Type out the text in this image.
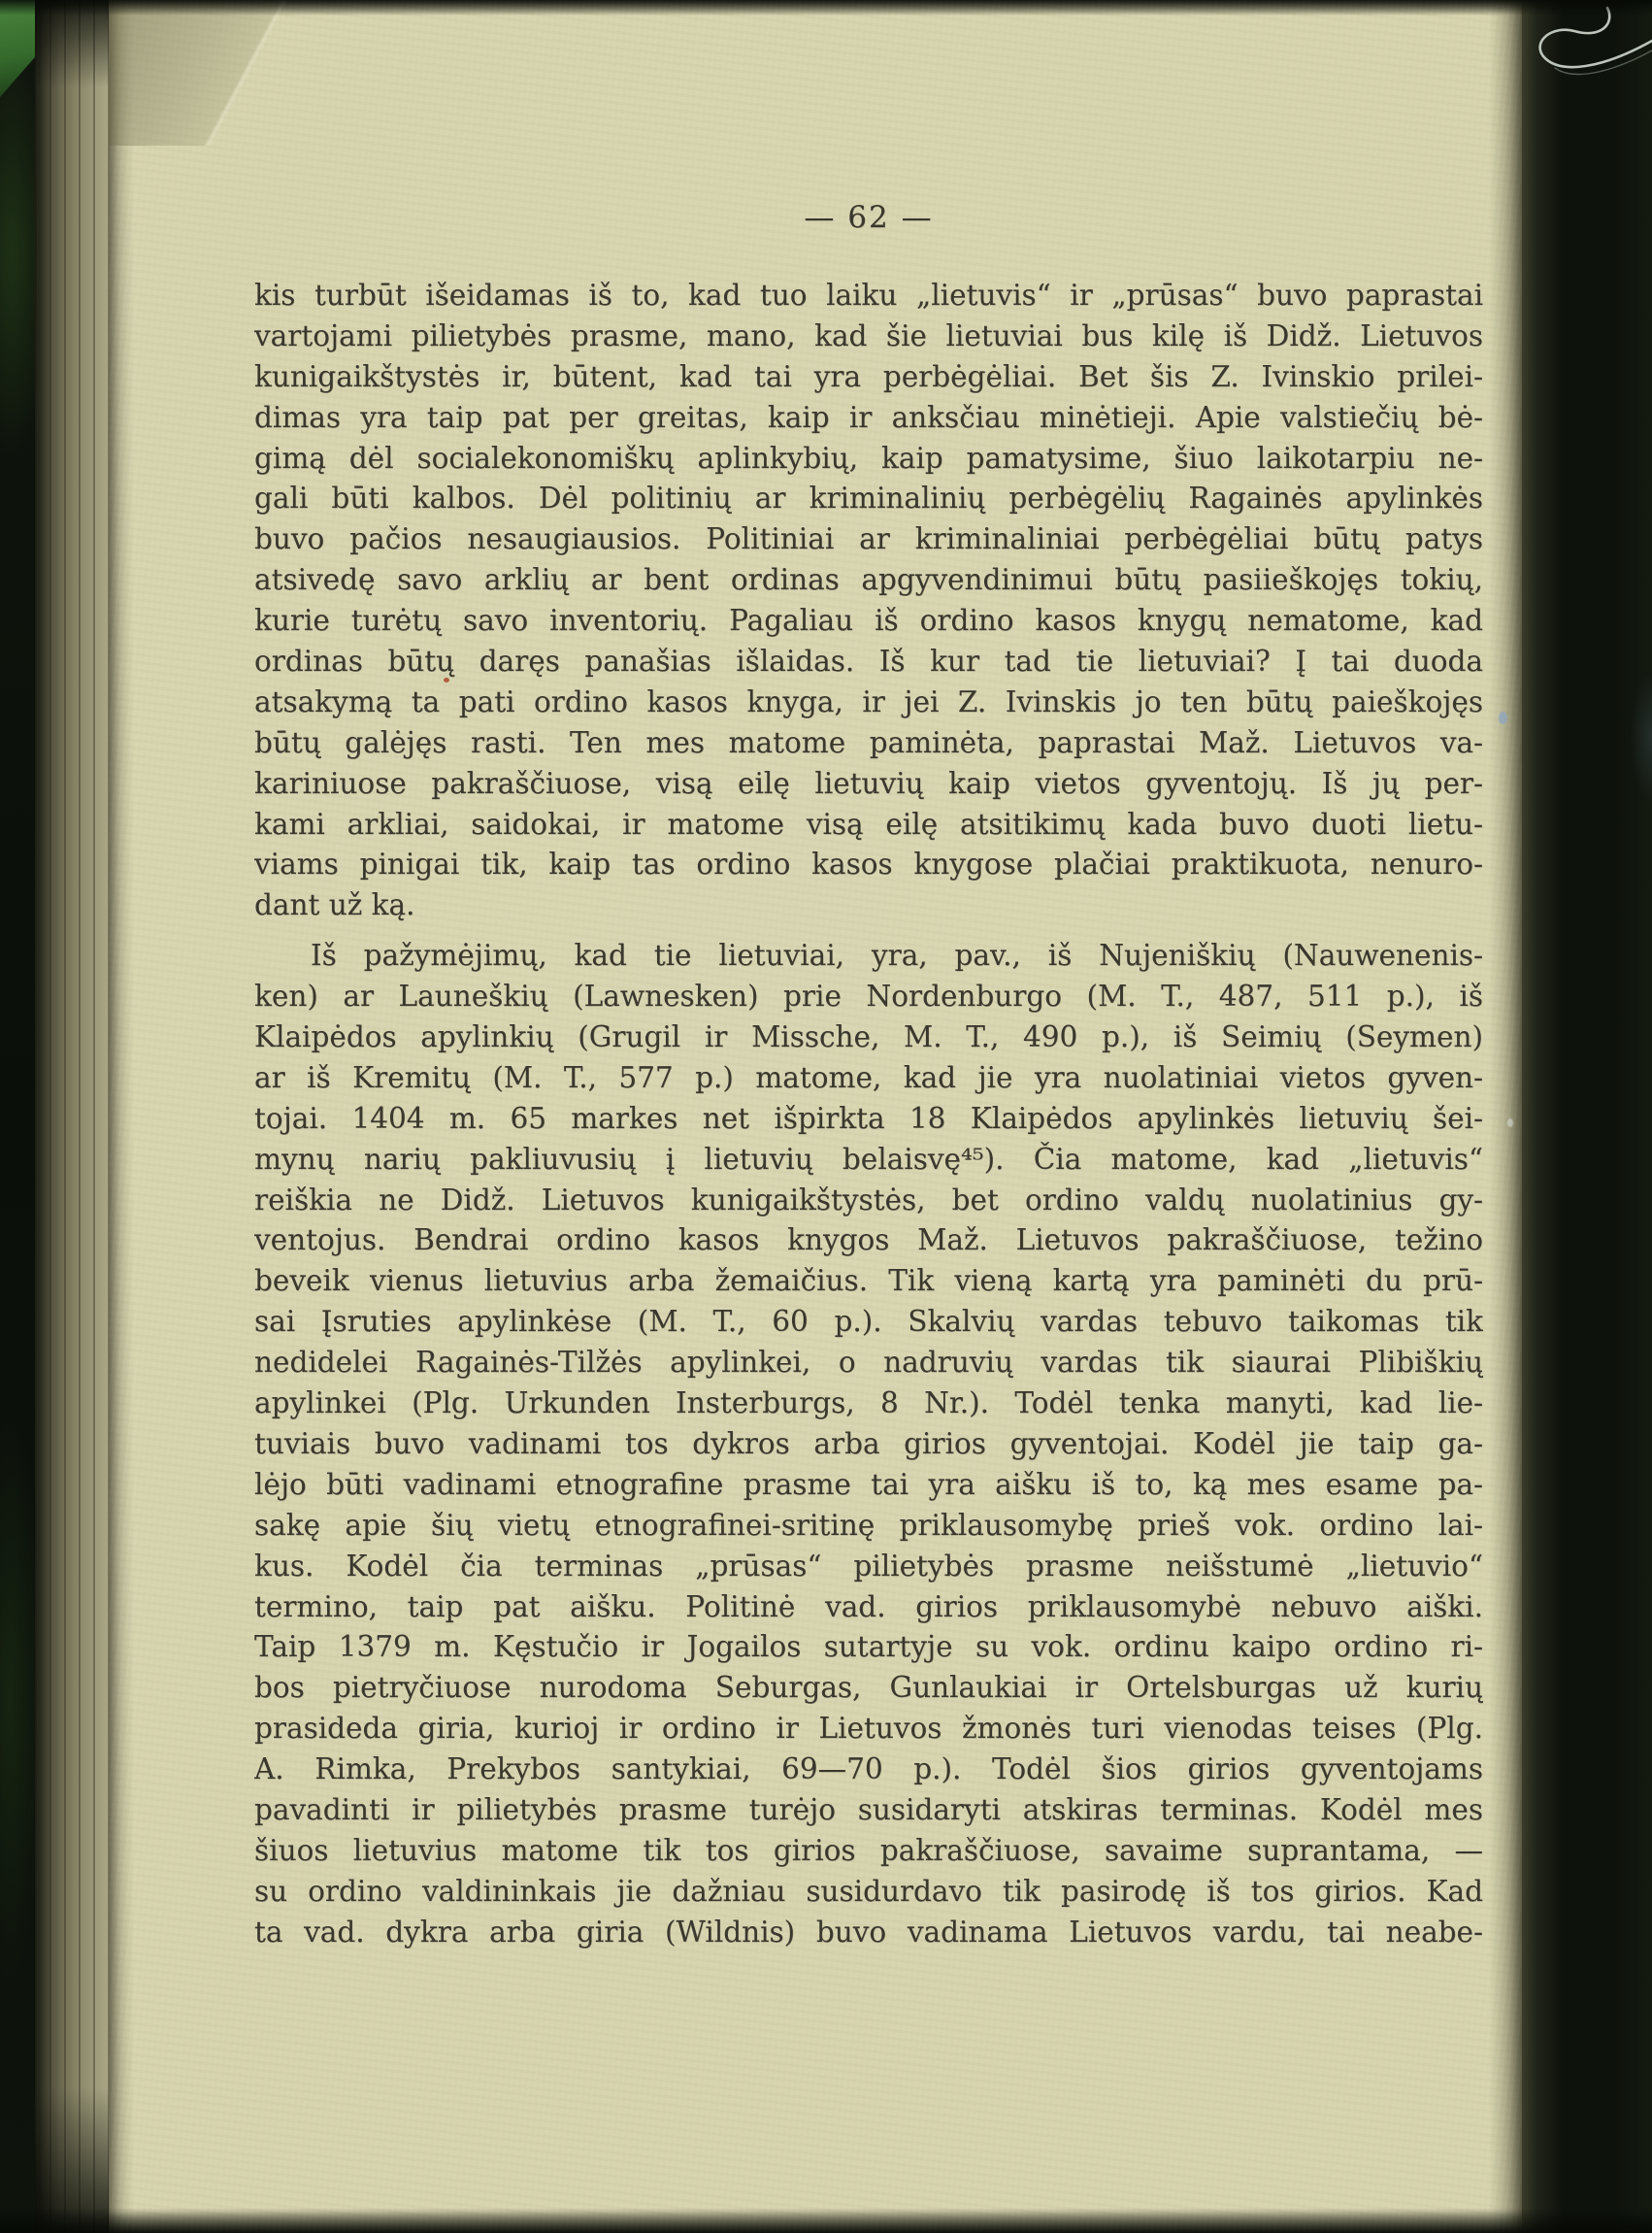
— 62 —
kis turbūt išeidamas iš to, kad tuo laiku „lietuvis“ ir „prūsas“ buvo paprastai
vartojami pilietybės prasme, mano, kad šie lietuviai bus kilę iš Didž. Lietuvos
kunigaikštystės ir, būtent, kad tai yra perbėgėliai. Bet šis Z. Ivinskio prilei-
dimas yra taip pat per greitas, kaip ir anksčiau minėtieji. Apie valstiečių bė-
gimą dėl socialekonomiškų aplinkybių, kaip pamatysime, šiuo laikotarpiu ne-
gali būti kalbos. Dėl politinių ar kriminalinių perbėgėlių Ragainės apylinkės
buvo pačios nesaugiausios. Politiniai ar kriminaliniai perbėgėliai būtų patys
atsivedę savo arklių ar bent ordinas apgyvendinimui būtų pasiieškojęs tokių,
kurie turėtų savo inventorių. Pagaliau iš ordino kasos knygų nematome, kad
ordinas būtų daręs panašias išlaidas. Iš kur tad tie lietuviai? Į tai duoda
atsakymą ta pati ordino kasos knyga, ir jei Z. Ivinskis jo ten būtų paieškojęs
būtų galėjęs rasti. Ten mes matome paminėta, paprastai Maž. Lietuvos va-
kariniuose pakraščiuose, visą eilę lietuvių kaip vietos gyventojų. Iš jų per-
kami arkliai, saidokai, ir matome visą eilę atsitikimų kada buvo duoti lietu-
viams pinigai tik, kaip tas ordino kasos knygose plačiai praktikuota, nenuro-
dant už ką.
Iš pažymėjimų, kad tie lietuviai, yra, pav., iš Nujeniškių (Nauwenenis-
ken) ar Launeškių (Lawnesken) prie Nordenburgo (M. T., 487, 511 p.), iš
Klaipėdos apylinkių (Grugil ir Missche, M. T., 490 p.), iš Seimių (Seymen)
ar iš Kremitų (M. T., 577 p.) matome, kad jie yra nuolatiniai vietos gyven-
tojai. 1404 m. 65 markes net išpirkta 18 Klaipėdos apylinkės lietuvių šei-
mynų narių pakliuvusių į lietuvių belaisvę⁴⁵). Čia matome, kad „lietuvis“
reiškia ne Didž. Lietuvos kunigaikštystės, bet ordino valdų nuolatinius gy-
ventojus. Bendrai ordino kasos knygos Maž. Lietuvos pakraščiuose, težino
beveik vienus lietuvius arba žemaičius. Tik vieną kartą yra paminėti du prū-
sai Įsruties apylinkėse (M. T., 60 p.). Skalvių vardas tebuvo taikomas tik
nedidelei Ragainės-Tilžės apylinkei, o nadruvių vardas tik siaurai Plibiškių
apylinkei (Plg. Urkunden Insterburgs, 8 Nr.). Todėl tenka manyti, kad lie-
tuviais buvo vadinami tos dykros arba girios gyventojai. Kodėl jie taip ga-
lėjo būti vadinami etnografine prasme tai yra aišku iš to, ką mes esame pa-
sakę apie šių vietų etnografinei-sritinę priklausomybę prieš vok. ordino lai-
kus. Kodėl čia terminas „prūsas“ pilietybės prasme neišstumė „lietuvio“
termino, taip pat aišku. Politinė vad. girios priklausomybė nebuvo aiški.
Taip 1379 m. Kęstučio ir Jogailos sutartyje su vok. ordinu kaipo ordino ri-
bos pietryčiuose nurodoma Seburgas, Gunlaukiai ir Ortelsburgas už kurių
prasideda giria, kurioj ir ordino ir Lietuvos žmonės turi vienodas teises (Plg.
A. Rimka, Prekybos santykiai, 69—70 p.). Todėl šios girios gyventojams
pavadinti ir pilietybės prasme turėjo susidaryti atskiras terminas. Kodėl mes
šiuos lietuvius matome tik tos girios pakraščiuose, savaime suprantama, —
su ordino valdininkais jie dažniau susidurdavo tik pasirodę iš tos girios. Kad
ta vad. dykra arba giria (Wildnis) buvo vadinama Lietuvos vardu, tai neabe-
